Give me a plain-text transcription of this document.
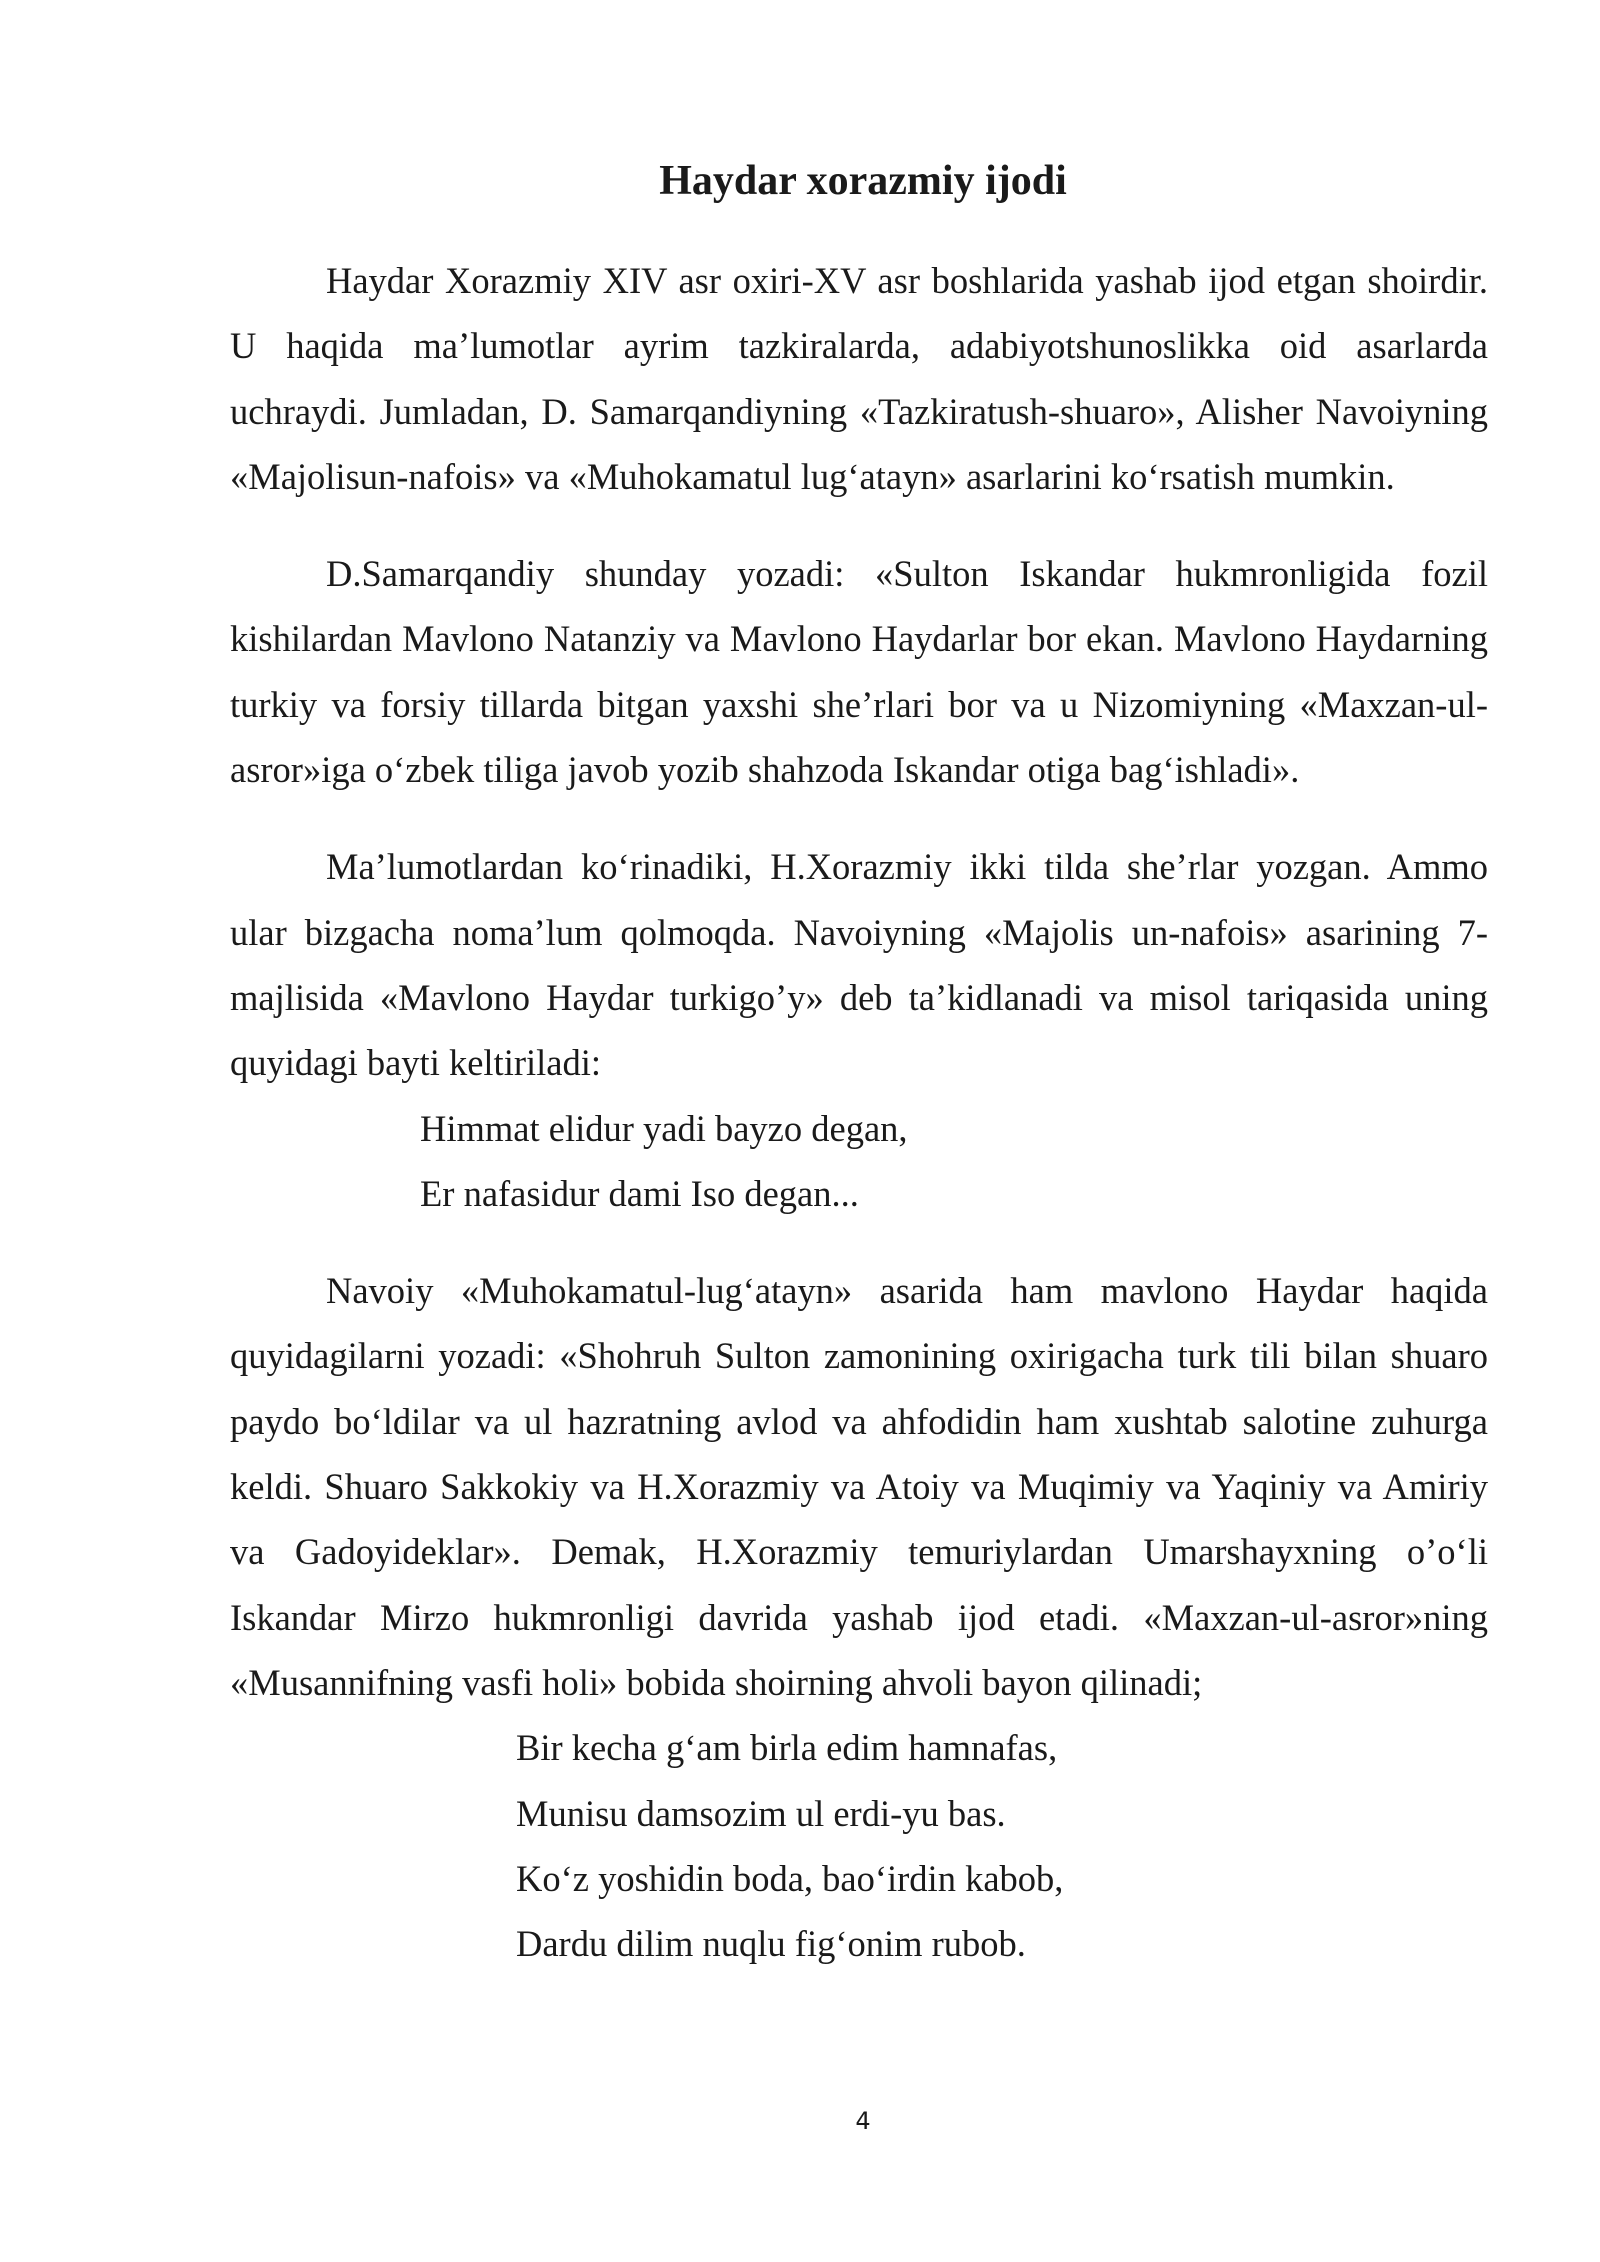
Haydar xorazmiy ijodi

Haydar Xorazmiy XIV asr oxiri-XV asr boshlarida yashab ijod etgan shoirdir. U haqida ma’lumotlar ayrim tazkiralarda, adabiyotshunoslikka oid asarlarda uchraydi. Jumladan, D. Samarqandiyning «Tazkiratush-shuaro», Alisher Navoiyning «Majolisun-nafois» va «Muhokamatul lug‘atayn» asarlarini ko‘rsatish mumkin.

D.Samarqandiy shunday yozadi: «Sulton Iskandar hukmronligida fozil kishilardan Mavlono Natanziy va Mavlono Haydarlar bor ekan. Mavlono Haydarning turkiy va forsiy tillarda bitgan yaxshi she’rlari bor va u Nizomiyning «Maxzan-ul-asror»iga o‘zbek tiliga javob yozib shahzoda Iskandar otiga bag‘ishladi».

Ma’lumotlardan ko‘rinadiki, H.Xorazmiy ikki tilda she’rlar yozgan. Ammo ular bizgacha noma’lum qolmoqda. Navoiyning «Majolis un-nafois» asarining 7-majlisida «Mavlono Haydar turkigo’y» deb ta’kidlanadi va misol tariqasida uning quyidagi bayti keltiriladi:

Himmat elidur yadi bayzo degan,
Er nafasidur dami Iso degan...

Navoiy «Muhokamatul-lug‘atayn» asarida ham mavlono Haydar haqida quyidagilarni yozadi: «Shohruh Sulton zamonining oxirigacha turk tili bilan shuaro paydo bo‘ldilar va ul hazratning avlod va ahfodidin ham xushtab salotine zuhurga keldi. Shuaro Sakkokiy va H.Xorazmiy va Atoiy va Muqimiy va Yaqiniy va Amiriy va Gadoyideklar». Demak, H.Xorazmiy temuriylardan Umarshayxning o’o‘li Iskandar Mirzo hukmronligi davrida yashab ijod etadi. «Maxzan-ul-asror»ning «Musannifning vasfi holi» bobida shoirning ahvoli bayon qilinadi;

Bir kecha g‘am birla edim hamnafas,
Munisu damsozim ul erdi-yu bas.
Ko‘z yoshidin boda, bao‘irdin kabob,
Dardu dilim nuqlu fig‘onim rubob.
4
